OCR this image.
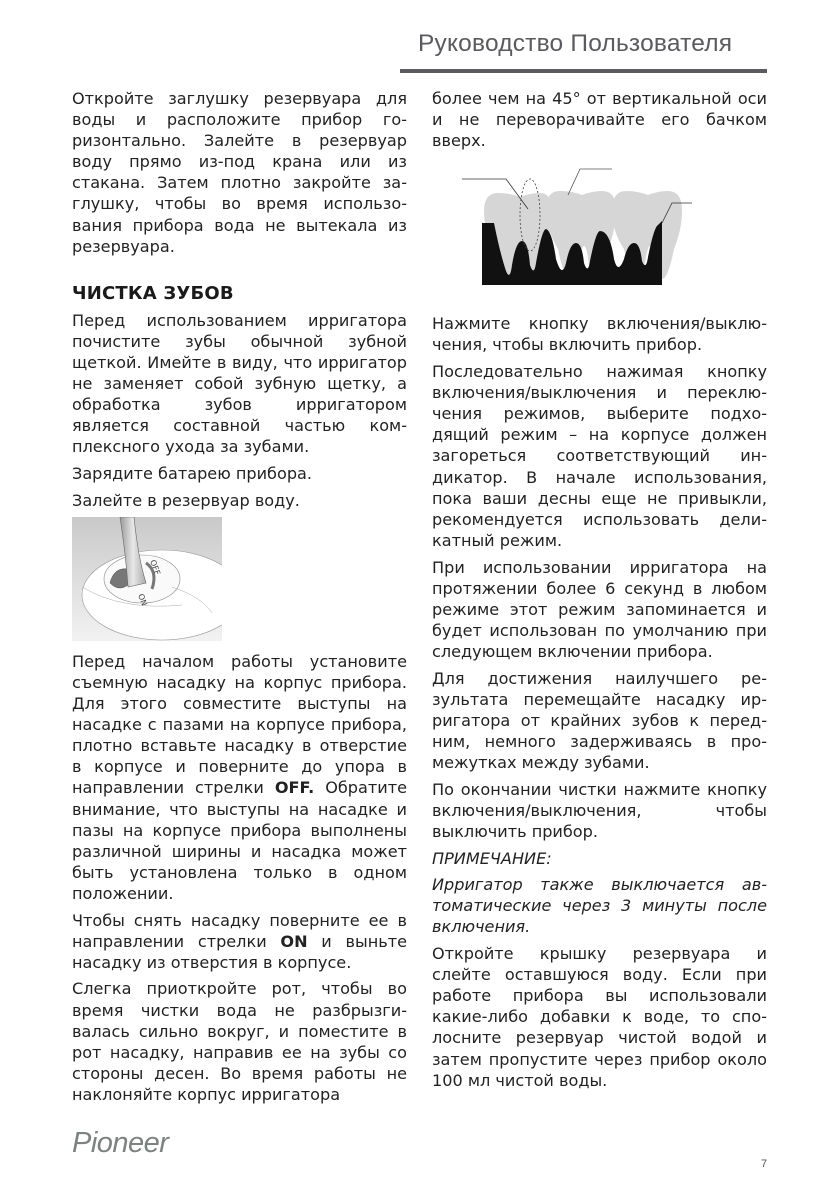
Руководство Пользователя

Откройте заглушку резервуара для воды и расположите прибор горизонтально. Залейте в резервуар воду прямо из-под крана или из стакана. Затем плотно закройте заглушку, чтобы во время использования прибора вода не вытекала из резервуара.

ЧИСТКА ЗУБОВ

Перед использованием ирригатора почистите зубы обычной зубной щеткой. Имейте в виду, что ирригатор не заменяет собой зубную щетку, а обработка зубов ирригатором является составной частью комплексного ухода за зубами.

Зарядите батарею прибора.

Залейте в резервуар воду.

OFF
ON

Перед началом работы установите съемную насадку на корпус прибора. Для этого совместите выступы на насадке с пазами на корпусе прибора, плотно вставьте насадку в отверстие в корпусе и поверните до упора в направлении стрелки OFF. Обратите внимание, что выступы на насадке и пазы на корпусе прибора выполнены различной ширины и насадка может быть установлена только в одном положении.

Чтобы снять насадку поверните ее в направлении стрелки ON и выньте насадку из отверстия в корпусе.

Слегка приоткройте рот, чтобы во время чистки вода не разбрызгивалась сильно вокруг, и поместите в рот насадку, направив ее на зубы со стороны десен. Во время работы не наклоняйте корпус ирригатора

более чем на 45° от вертикальной оси и не переворачивайте его бачком вверх.

Нажмите кнопку включения/выключения, чтобы включить прибор.

Последовательно нажимая кнопку включения/выключения и переключения режимов, выберите подходящий режим – на корпусе должен загореться соответствующий индикатор. В начале использования, пока ваши десны еще не привыкли, рекомендуется использовать деликатный режим.

При использовании ирригатора на протяжении более 6 секунд в любом режиме этот режим запоминается и будет использован по умолчанию при следующем включении прибора.

Для достижения наилучшего результата перемещайте насадку ирригатора от крайних зубов к передним, немного задерживаясь в промежутках между зубами.

По окончании чистки нажмите кнопку включения/выключения, чтобы выключить прибор.

ПРИМЕЧАНИЕ:

Ирригатор также выключается автоматические через 3 минуты после включения.

Откройте крышку резервуара и слейте оставшуюся воду. Если при работе прибора вы использовали какие-либо добавки к воде, то сполосните резервуар чистой водой и затем пропустите через прибор около 100 мл чистой воды.

Pioneer
7
